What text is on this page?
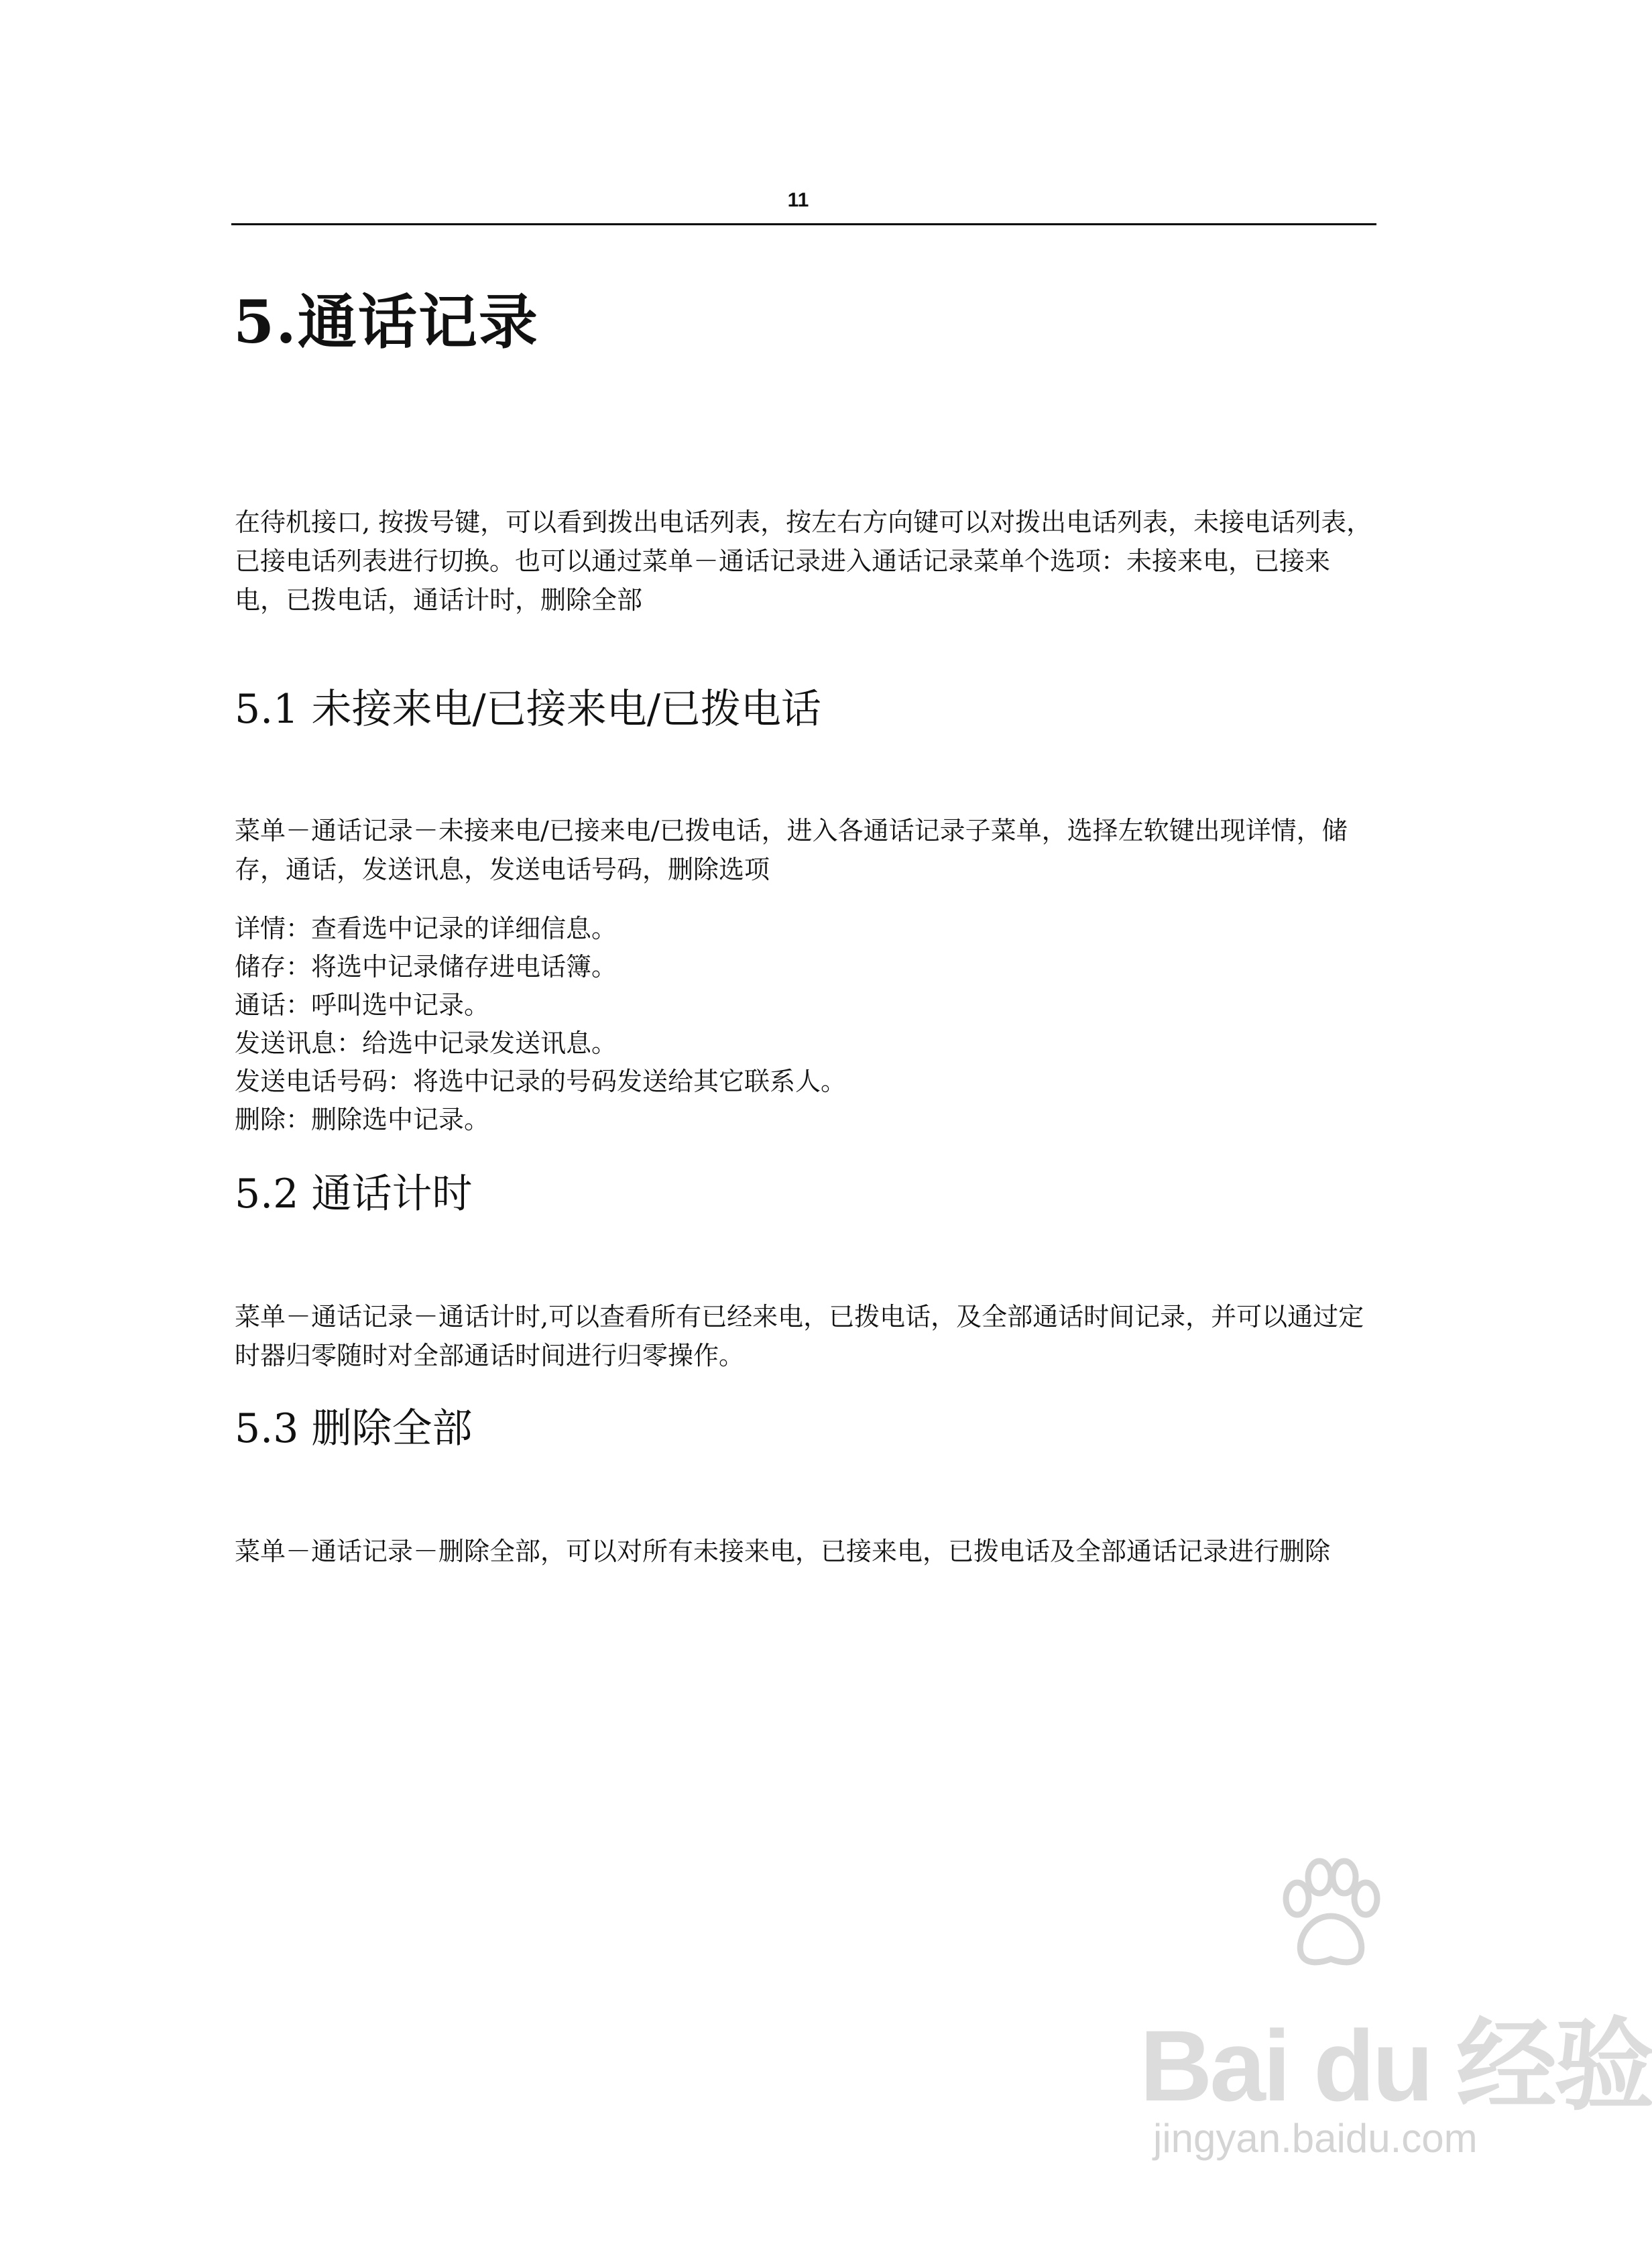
11
5.通话记录

在待机接口, 按拨号键，可以看到拨出电话列表，按左右方向键可以对拨出电话列表，未接电话列表，已接电话列表进行切换。也可以通过菜单－通话记录进入通话记录菜单个选项：未接来电，已接来电，已拨电话，通话计时，删除全部

5.1 未接来电/已接来电/已拨电话

菜单－通话记录－未接来电/已接来电/已拨电话，进入各通话记录子菜单，选择左软键出现详情，储存，通话，发送讯息，发送电话号码，删除选项

详情：查看选中记录的详细信息。
储存：将选中记录储存进电话簿。
通话：呼叫选中记录。
发送讯息：给选中记录发送讯息。
发送电话号码：将选中记录的号码发送给其它联系人。
删除：删除选中记录。
5.2 通话计时

菜单－通话记录－通话计时,可以查看所有已经来电，已拨电话，及全部通话时间记录，并可以通过定时器归零随时对全部通话时间进行归零操作。

5.3 删除全部

菜单－通话记录－删除全部，可以对所有未接来电，已接来电，已拨电话及全部通话记录进行删除

Bai du 经验
jingyan.baidu.com
